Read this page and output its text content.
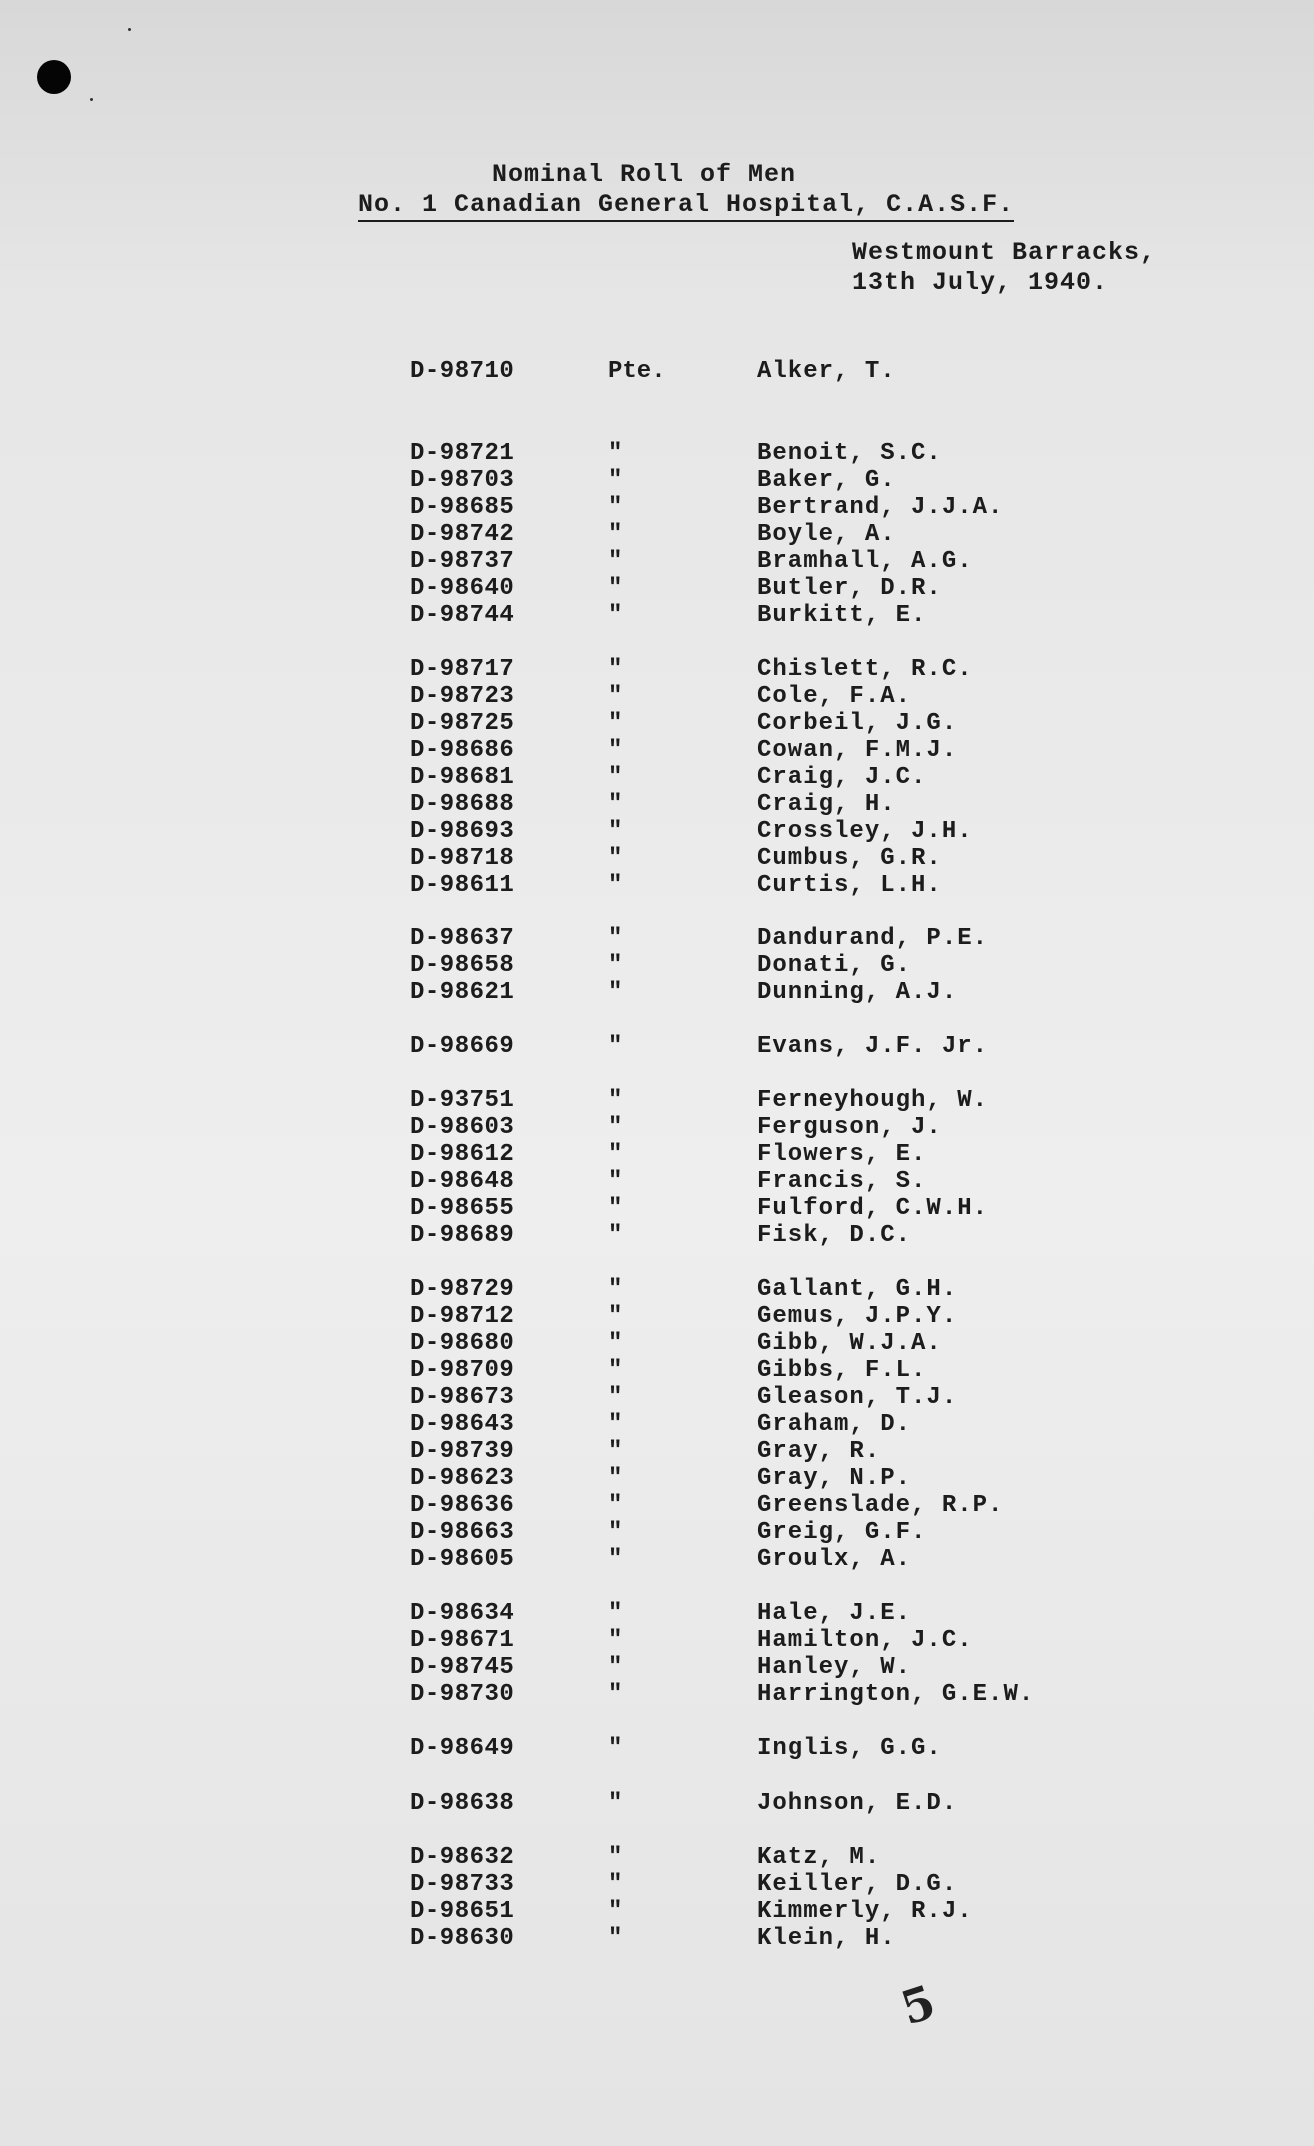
Nominal Roll of Men
No. 1 Canadian General Hospital, C.A.S.F.
Westmount Barracks,
13th July, 1940.
D-98710	Pte.	Alker, T.
D-98721	"	Benoit, S.C.
D-98703	"	Baker, G.
D-98685	"	Bertrand, J.J.A.
D-98742	"	Boyle, A.
D-98737	"	Bramhall, A.G.
D-98640	"	Butler, D.R.
D-98744	"	Burkitt, E.
D-98717	"	Chislett, R.C.
D-98723	"	Cole, F.A.
D-98725	"	Corbeil, J.G.
D-98686	"	Cowan, F.M.J.
D-98681	"	Craig, J.C.
D-98688	"	Craig, H.
D-98693	"	Crossley, J.H.
D-98718	"	Cumbus, G.R.
D-98611	"	Curtis, L.H.
D-98637	"	Dandurand, P.E.
D-98658	"	Donati, G.
D-98621	"	Dunning, A.J.
D-98669	"	Evans, J.F. Jr.
D-93751	"	Ferneyhough, W.
D-98603	"	Ferguson, J.
D-98612	"	Flowers, E.
D-98648	"	Francis, S.
D-98655	"	Fulford, C.W.H.
D-98689	"	Fisk, D.C.
D-98729	"	Gallant, G.H.
D-98712	"	Gemus, J.P.Y.
D-98680	"	Gibb, W.J.A.
D-98709	"	Gibbs, F.L.
D-98673	"	Gleason, T.J.
D-98643	"	Graham, D.
D-98739	"	Gray, R.
D-98623	"	Gray, N.P.
D-98636	"	Greenslade, R.P.
D-98663	"	Greig, G.F.
D-98605	"	Groulx, A.
D-98634	"	Hale, J.E.
D-98671	"	Hamilton, J.C.
D-98745	"	Hanley, W.
D-98730	"	Harrington, G.E.W.
D-98649	"	Inglis, G.G.
D-98638	"	Johnson, E.D.
D-98632	"	Katz, M.
D-98733	"	Keiller, D.G.
D-98651	"	Kimmerly, R.J.
D-98630	"	Klein, H.
5
